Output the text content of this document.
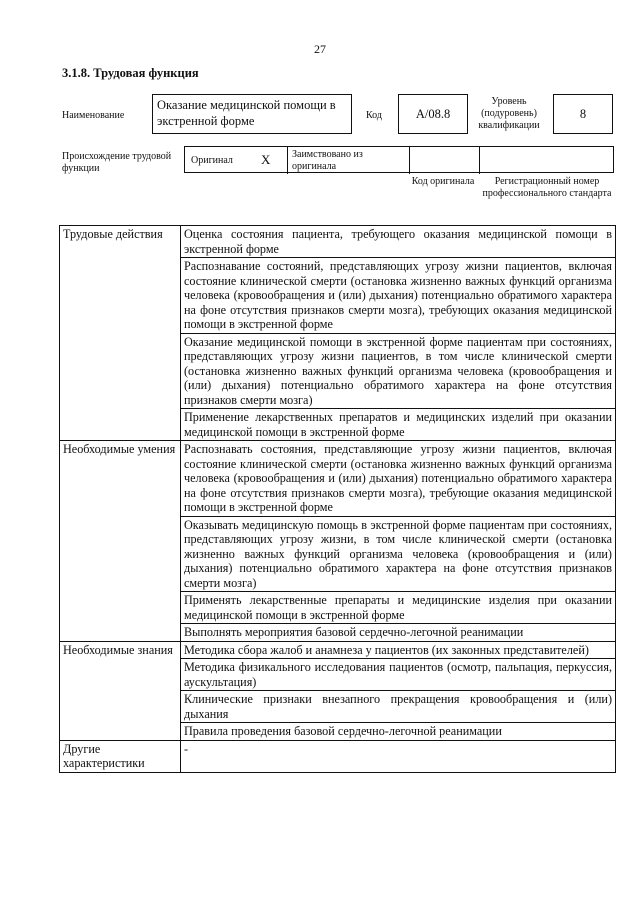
27
3.1.8. Трудовая функция
Наименование
Оказание медицинской помощи в экстренной форме	Код	А/08.8
Уровень (подуровень) квалификации
8
Происхождение трудовой функции
Оригинал X Заимствовано из оригинала
Код оригинала	Регистрационный номер профессионального стандарта
Трудовые действия	Оценка состояния пациента, требующего оказания медицинской помощи в экстренной форме
	Распознавание состояний, представляющих угрозу жизни пациентов, включая состояние клинической смерти (остановка жизненно важных функций организма человека (кровообращения и (или) дыхания) потенциально обратимого характера на фоне отсутствия признаков смерти мозга), требующих оказания медицинской помощи в экстренной форме
	Оказание медицинской помощи в экстренной форме пациентам при состояниях, представляющих угрозу жизни пациентов, в том числе клинической смерти (остановка жизненно важных функций организма человека (кровообращения и (или) дыхания) потенциально обратимого характера на фоне отсутствия признаков смерти мозга)
	Применение лекарственных препаратов и медицинских изделий при оказании медицинской помощи в экстренной форме
Необходимые умения	Распознавать состояния, представляющие угрозу жизни пациентов, включая состояние клинической смерти (остановка жизненно важных функций организма человека (кровообращения и (или) дыхания) потенциально обратимого характера на фоне отсутствия признаков смерти мозга), требующие оказания медицинской помощи в экстренной форме
	Оказывать медицинскую помощь в экстренной форме пациентам при состояниях, представляющих угрозу жизни, в том числе клинической смерти (остановка жизненно важных функций организма человека (кровообращения и (или) дыхания) потенциально обратимого характера на фоне отсутствия признаков смерти мозга)
	Применять лекарственные препараты и медицинские изделия при оказании медицинской помощи в экстренной форме
	Выполнять мероприятия базовой сердечно-легочной реанимации
Необходимые знания	Методика сбора жалоб и анамнеза у пациентов (их законных представителей)
	Методика физикального исследования пациентов (осмотр, пальпация, перкуссия, аускультация)
	Клинические признаки внезапного прекращения кровообращения и (или) дыхания
	Правила проведения базовой сердечно-легочной реанимации
Другие характеристики	-
